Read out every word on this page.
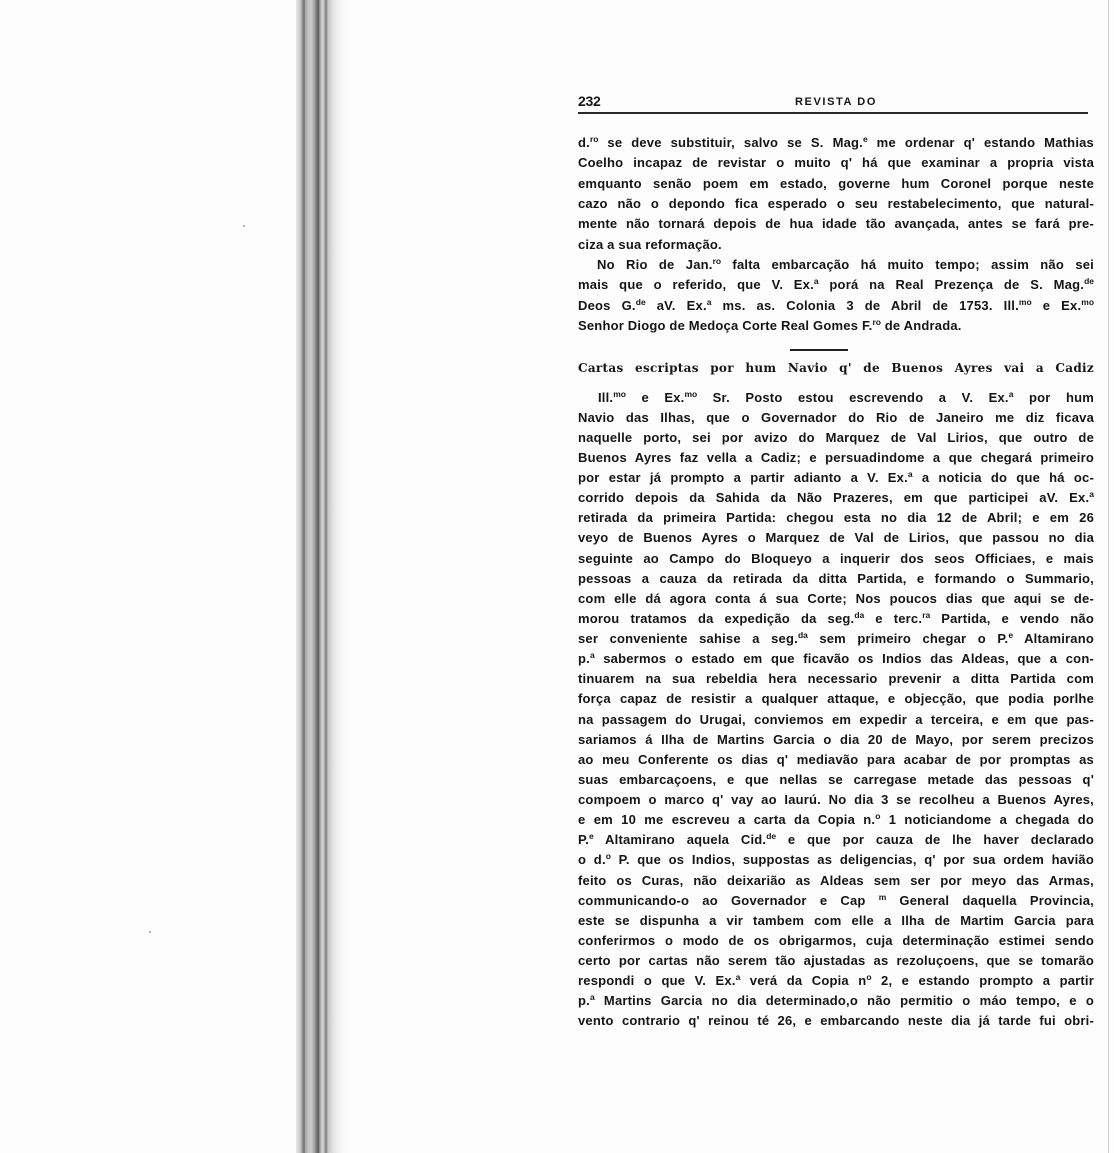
232	REVISTA DO
d.$^{ro}$ se deve substituir, salvo se S. Mag.$^e$ me ordenar q' estando Mathias
Coelho incapaz de revistar o muito q' há que examinar a propria vista
emquanto senão poem em estado, governe hum Coronel porque neste
cazo não o depondo fica esperado o seu restabelecimento, que natural-
mente não tornará depois de hua idade tão avançada, antes se fará pre-
ciza a sua reformação.
No Rio de Jan.$^{ro}$ falta embarcação há muito tempo; assim não sei
mais que o referido, que V. Ex.$^a$ porá na Real Prezença de S. Mag.$^{de}$
Deos G.$^{de}$ aV. Ex.$^a$ ms. as. Colonia 3 de Abril de 1753. Ill.$^{mo}$ e Ex.$^{mo}$
Senhor Diogo de Medoça Corte Real Gomes F.$^{ro}$ de Andrada.
Cartas escriptas por hum Navio q' de Buenos Ayres vai a Cadiz
Ill.$^{mo}$ e Ex.$^{mo}$ Sr. Posto estou escrevendo a V. Ex.$^a$ por hum
Navio das Ilhas, que o Governador do Rio de Janeiro me diz ficava
naquelle porto, sei por avizo do Marquez de Val Lirios, que outro de
Buenos Ayres faz vella a Cadiz; e persuadindome a que chegará primeiro
por estar já prompto a partir adianto a V. Ex.$^a$ a noticia do que há oc-
corrido depois da Sahida da Não Prazeres, em que participei aV. Ex.$^a$
retirada da primeira Partida: chegou esta no dia 12 de Abril; e em 26
veyo de Buenos Ayres o Marquez de Val de Lirios, que passou no dia
seguinte ao Campo do Bloqueyo a inquerir dos seos Officiaes, e mais
pessoas a cauza da retirada da ditta Partida, e formando o Summario,
com elle dá agora conta á sua Corte; Nos poucos dias que aqui se de-
morou tratamos da expedição da seg.$^{da}$ e terc.$^{ra}$ Partida, e vendo não
ser conveniente sahise a seg.$^{da}$ sem primeiro chegar o P.$^e$ Altamirano
p.$^a$ sabermos o estado em que ficavão os Indios das Aldeas, que a con-
tinuarem na sua rebeldia hera necessario prevenir a ditta Partida com
força capaz de resistir a qualquer attaque, e objecção, que podia porlhe
na passagem do Urugai, conviemos em expedir a terceira, e em que pas-
sariamos á Ilha de Martins Garcia o dia 20 de Mayo, por serem precizos
ao meu Conferente os dias q' mediavão para acabar de por promptas as
suas embarcaçoens, e que nellas se carregase metade das pessoas q'
compoem o marco q' vay ao Iaurú. No dia 3 se recolheu a Buenos Ayres,
e em 10 me escreveu a carta da Copia n.$^o$ 1 noticiandome a chegada do
P.$^e$ Altamirano aquela Cid.$^{de}$ e que por cauza de lhe haver declarado
o d.$^o$ P. que os Indios, suppostas as deligencias, q' por sua ordem havião
feito os Curas, não deixarião as Aldeas sem ser por meyo das Armas,
communicando-o ao Governador e Cap $^m$ General daquella Provincia,
este se dispunha a vir tambem com elle a Ilha de Martim Garcia para
conferirmos o modo de os obrigarmos, cuja determinação estimei sendo
certo por cartas não serem tão ajustadas as rezoluçoens, que se tomarão
respondi o que V. Ex.$^a$ verá da Copia $n^o$ 2, e estando prompto a partir
p.$^a$ Martins Garcia no dia determinado,o não permitio o máo tempo, e o
vento contrario q' reinou té 26, e embarcando neste dia já tarde fui obri-
